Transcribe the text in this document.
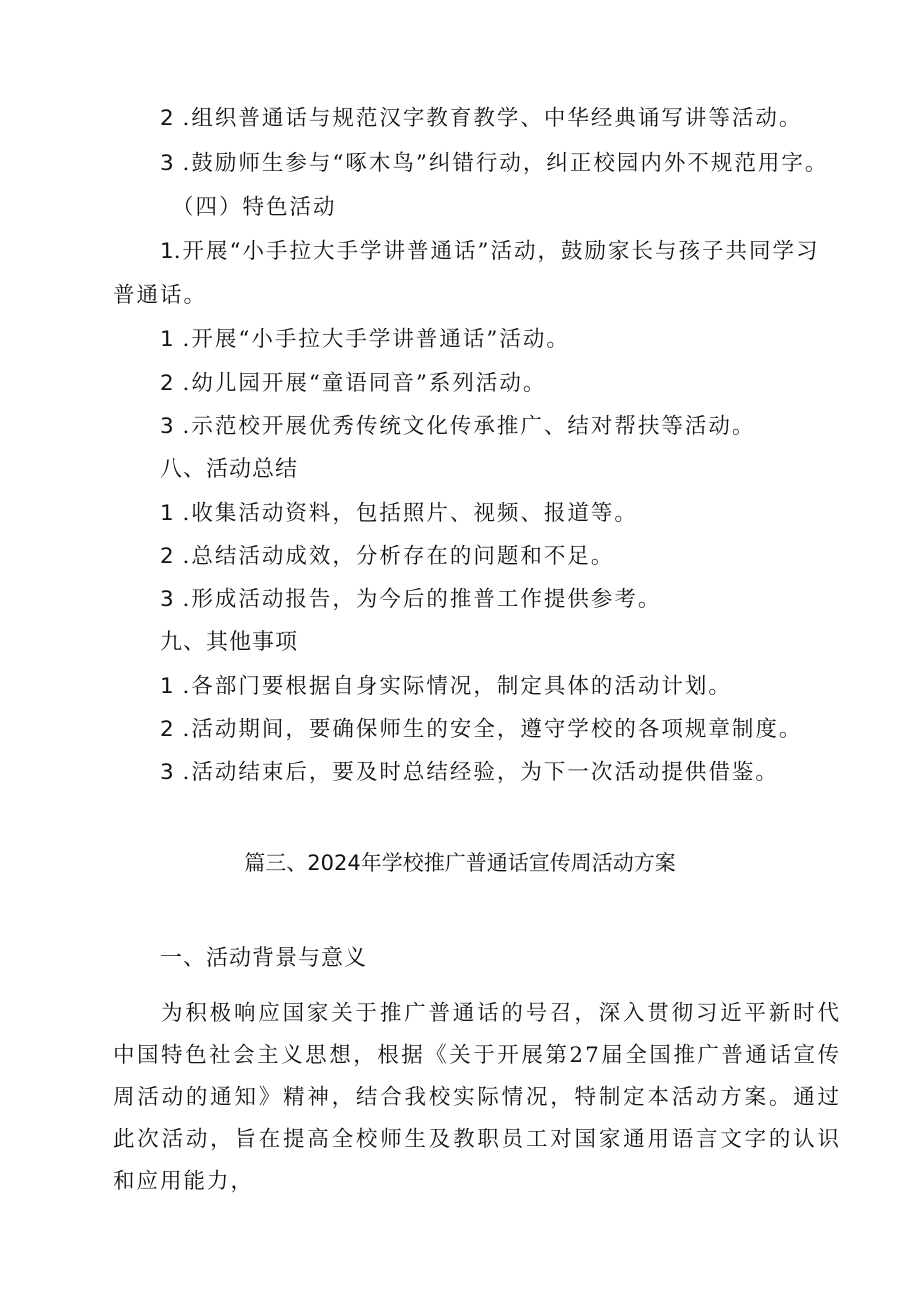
2 .组织普通话与规范汉字教育教学、中华经典诵写讲等活动。
3 .鼓励师生参与“啄木鸟”纠错行动，纠正校园内外不规范用字。
（四）特色活动
1.开展“小手拉大手学讲普通话”活动，鼓励家长与孩子共同学习
普通话。
1 .开展“小手拉大手学讲普通话”活动。
2 .幼儿园开展“童语同音”系列活动。
3 .示范校开展优秀传统文化传承推广、结对帮扶等活动。
八、活动总结
1 .收集活动资料，包括照片、视频、报道等。
2 .总结活动成效，分析存在的问题和不足。
3 .形成活动报告，为今后的推普工作提供参考。
九、其他事项
1 .各部门要根据自身实际情况，制定具体的活动计划。
2 .活动期间，要确保师生的安全，遵守学校的各项规章制度。
3 .活动结束后，要及时总结经验，为下一次活动提供借鉴。
篇三、2024年学校推广普通话宣传周活动方案
一、活动背景与意义

为积极响应国家关于推广普通话的号召，深入贯彻习近平新时代中国特色社会主义思想，根据《关于开展第27届全国推广普通话宣传周活动的通知》精神，结合我校实际情况，特制定本活动方案。通过此次活动，旨在提高全校师生及教职员工对国家通用语言文字的认识和应用能力，
